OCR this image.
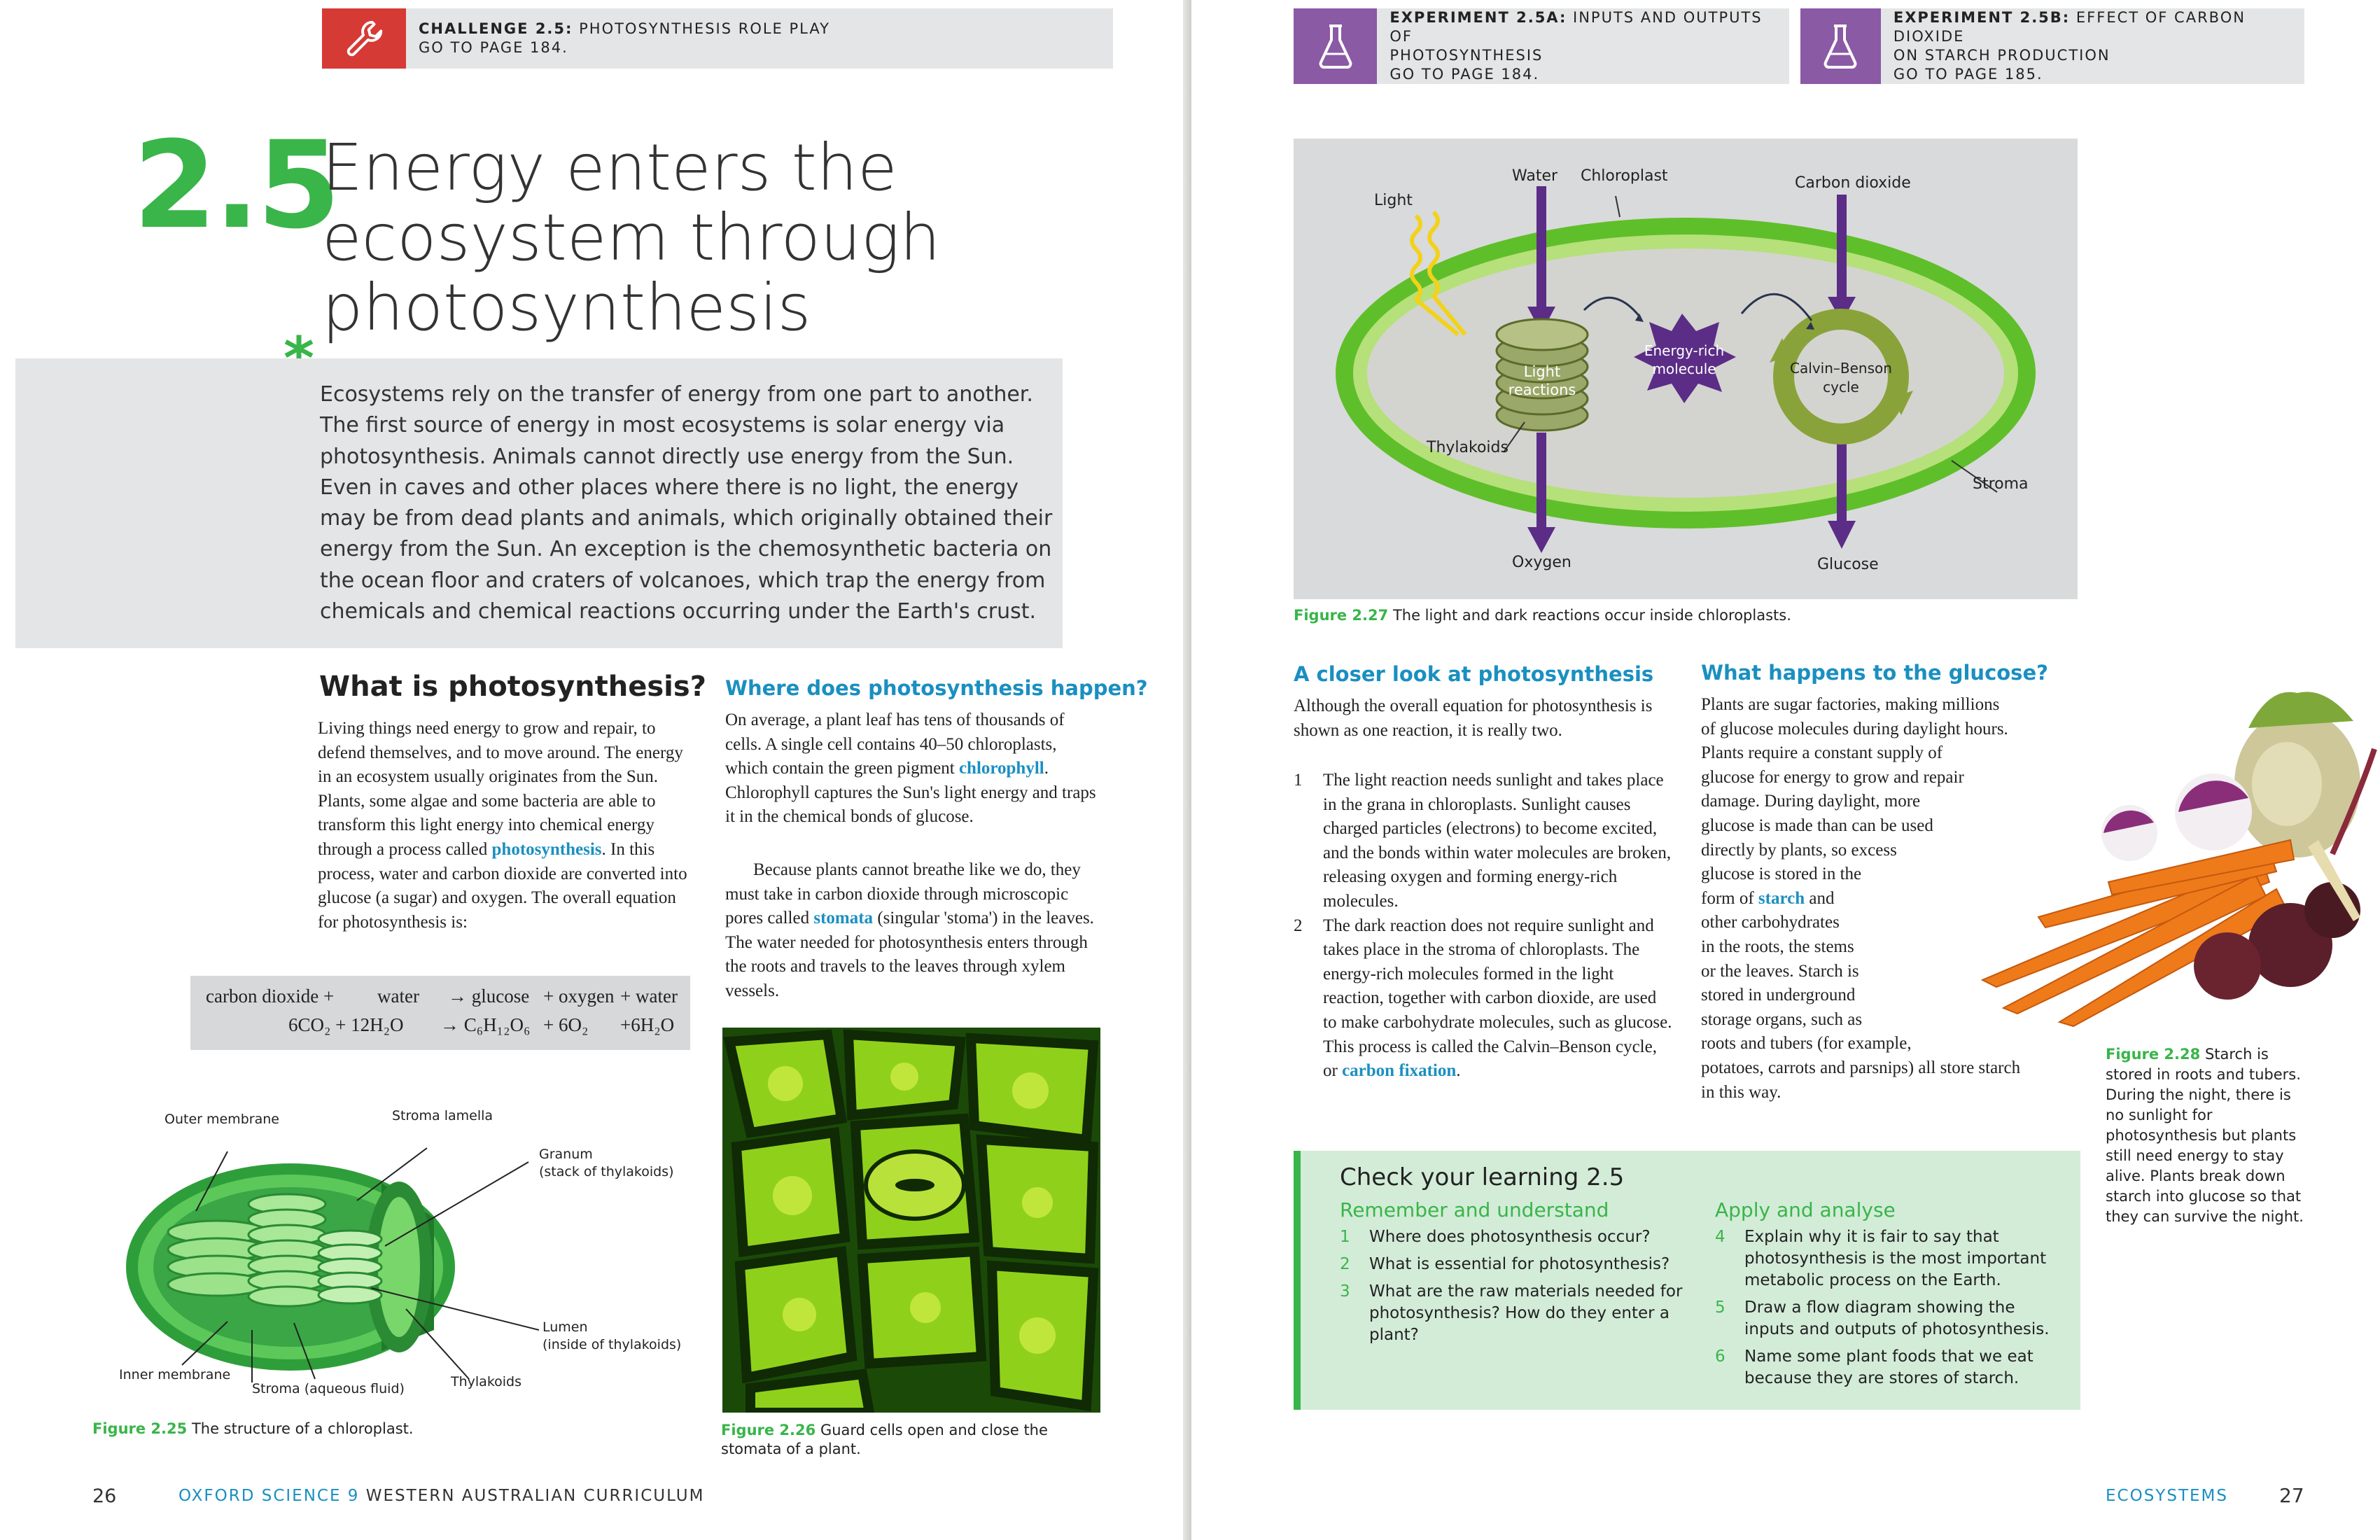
CHALLENGE 2.5: PHOTOSYNTHESIS ROLE PLAY
GO TO PAGE 184.
2.5
Energy enters the
ecosystem through
photosynthesis
Ecosystems rely on the transfer of energy from one part to another. The first source of energy in most ecosystems is solar energy via photosynthesis. Animals cannot directly use energy from the Sun. Even in caves and other places where there is no light, the energy may be from dead plants and animals, which originally obtained their energy from the Sun. An exception is the chemosynthetic bacteria on the ocean floor and craters of volcanoes, which trap the energy from chemicals and chemical reactions occurring under the Earth's crust.
What is photosynthesis?
Living things need energy to grow and repair, to defend themselves, and to move around. The energy in an ecosystem usually originates from the Sun. Plants, some algae and some bacteria are able to transform this light energy into chemical energy through a process called photosynthesis. In this process, water and carbon dioxide are converted into glucose (a sugar) and oxygen. The overall equation for photosynthesis is:
carbon dioxide + water → glucose + oxygen + water
6CO₂ + 12H₂O → C₆H₁₂O₆ + 6O₂ +6H₂O
Where does photosynthesis happen?
On average, a plant leaf has tens of thousands of cells. A single cell contains 40–50 chloroplasts, which contain the green pigment chlorophyll. Chlorophyll captures the Sun's light energy and traps it in the chemical bonds of glucose.
Because plants cannot breathe like we do, they must take in carbon dioxide through microscopic pores called stomata (singular 'stoma') in the leaves. The water needed for photosynthesis enters through the roots and travels to the leaves through xylem vessels.
Outer membrane	Stroma lamella
Granum
(stack of thylakoids)
Lumen
(inside of thylakoids)
Inner membrane
Stroma (aqueous fluid)	Thylakoids
Figure 2.25 The structure of a chloroplast.	Figure 2.26 Guard cells open and close the stomata of a plant.
26	OXFORD SCIENCE 9 WESTERN AUSTRALIAN CURRICULUM
EXPERIMENT 2.5A: INPUTS AND OUTPUTS OF
PHOTOSYNTHESIS
GO TO PAGE 184.
EXPERIMENT 2.5B: EFFECT OF CARBON DIOXIDE
ON STARCH PRODUCTION
GO TO PAGE 185.
Water Chloroplast	Carbon dioxide
Light
Light
reactions
Energy-rich
molecule	Calvin–Benson
cycle
Thylakoids
Stroma
Oxygen	Glucose
Figure 2.27 The light and dark reactions occur inside chloroplasts.
A closer look at photosynthesis
Although the overall equation for photosynthesis is shown as one reaction, it is really two.
1	The light reaction needs sunlight and takes place in the grana in chloroplasts. Sunlight causes charged particles (electrons) to become excited, and the bonds within water molecules are broken, releasing oxygen and forming energy-rich molecules.
2	The dark reaction does not require sunlight and takes place in the stroma of chloroplasts. The energy-rich molecules formed in the light reaction, together with carbon dioxide, are used to make carbohydrate molecules, such as glucose. This process is called the Calvin–Benson cycle, or carbon fixation.
What happens to the glucose?
Plants are sugar factories, making millions
of glucose molecules during daylight hours.
Plants require a constant supply of
glucose for energy to grow and repair
damage. During daylight, more
glucose is made than can be used
directly by plants, so excess
glucose is stored in the
form of starch and
other carbohydrates
in the roots, the stems
or the leaves. Starch is
stored in underground
storage organs, such as
roots and tubers (for example,
potatoes, carrots and parsnips) all store starch
in this way.
Figure 2.28 Starch is stored in roots and tubers. During the night, there is no sunlight for photosynthesis but plants still need energy to stay alive. Plants break down starch into glucose so that they can survive the night.
Check your learning 2.5
Remember and understand
1	Where does photosynthesis occur?
2	What is essential for photosynthesis?
3	What are the raw materials needed for photosynthesis? How do they enter a plant?
Apply and analyse
4	Explain why it is fair to say that photosynthesis is the most important metabolic process on the Earth.
5	Draw a flow diagram showing the inputs and outputs of photosynthesis.
6	Name some plant foods that we eat because they are stores of starch.
ECOSYSTEMS	27
